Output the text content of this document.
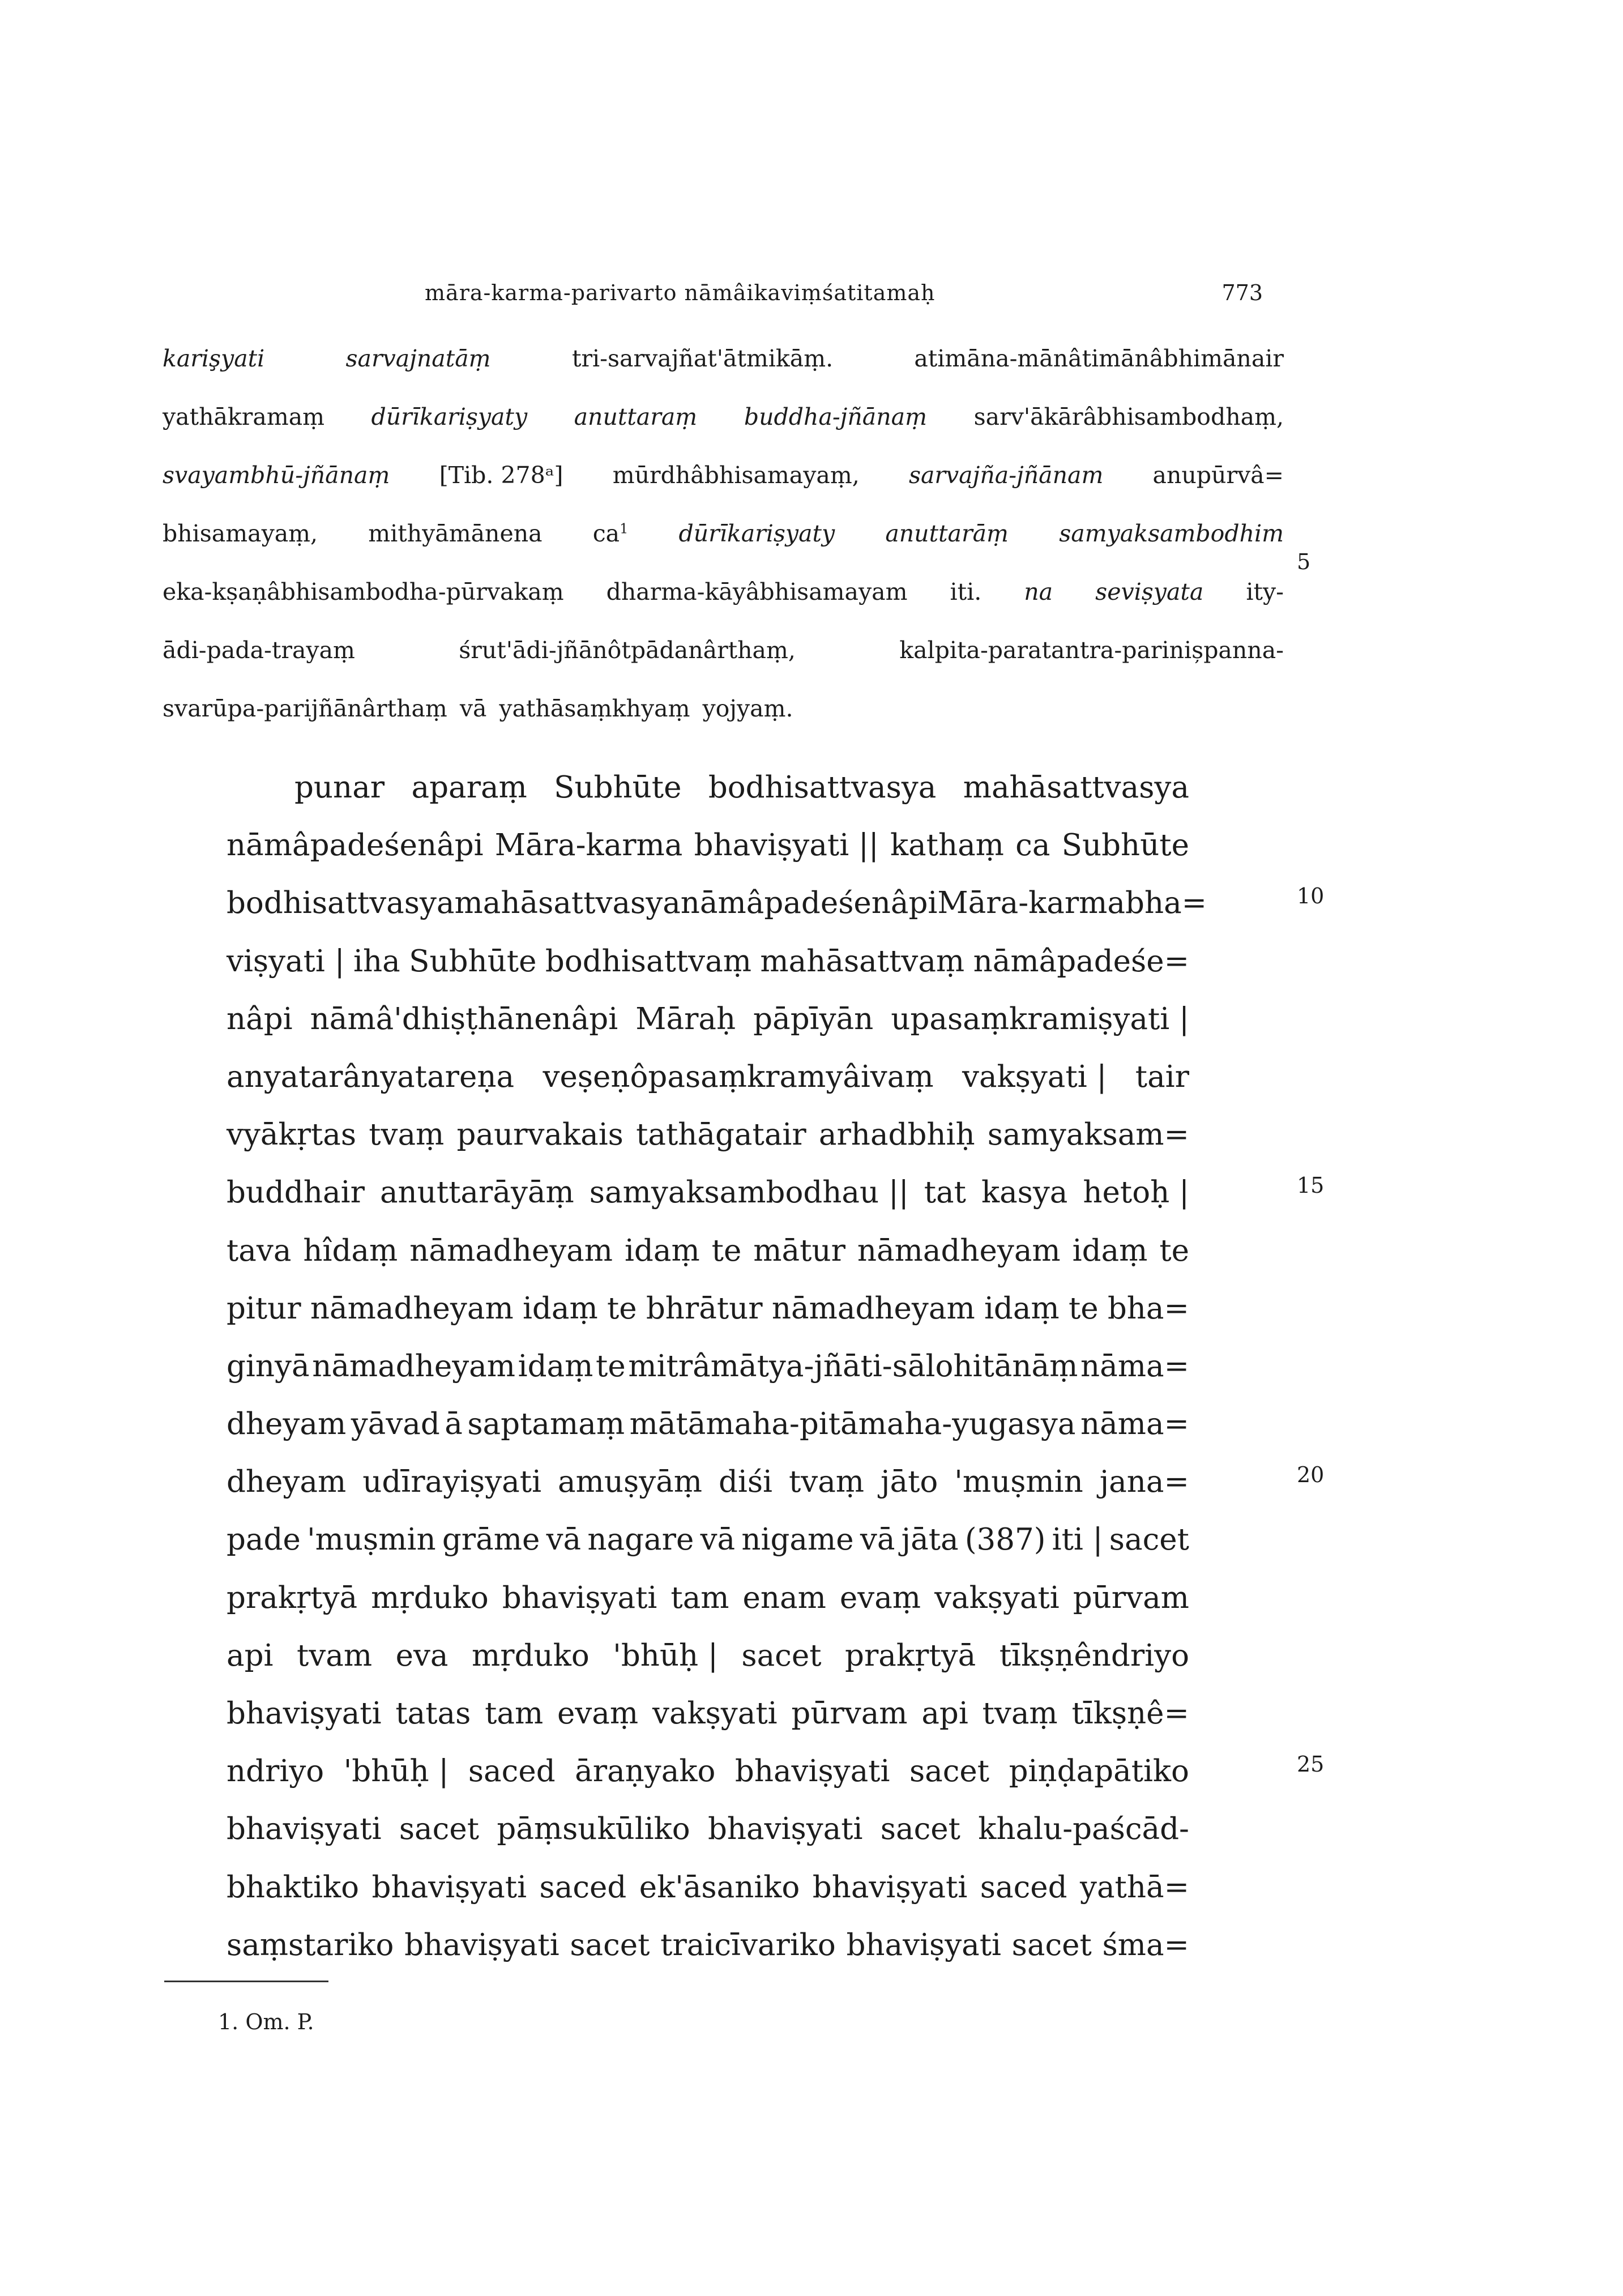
māra-karma-parivarto nāmâikaviṃśatitamaḥ	773
karişyati	sarvajnatāṃ	tri-sarvajñat'ātmikāṃ.	atimāna-mānâtimānâbhimānair
yathākramaṃ dūrīkariṣyaty anuttaraṃ buddha-jñānaṃ sarv'ākārâbhisambodhaṃ,
svayambhū-jñānaṃ [Tib. 278ᵃ] mūrdhâbhisamayaṃ, sarvajña-jñānam anupūrvâ=
bhisamayaṃ, mithyāmānena $ca^1$ dūrīkariṣyaty anuttarāṃ samyaksambodhim
eka-kṣaṇâbhisambodha-pūrvakaṃ dharma-kāyâbhisamayam iti. na seviṣyata ity-
ādi-pada-trayaṃ	śrut'ādi-jñānôtpādanârthaṃ,	kalpita-paratantra-parinișpanna-
svarūpa-parijñānârthaṃ vā yathāsaṃkhyaṃ yojyaṃ.
5
punar aparaṃ Subhūte bodhisattvasya mahāsattvasya
nāmâpadeśenâpi Māra-karma bhaviṣyati || kathaṃ ca Subhūte
bodhisattvasya mahāsattvasya nāmâpadeśenâpi Māra-karma bha=
viṣyati | iha Subhūte bodhisattvaṃ mahāsattvaṃ nāmâpadeśe=
nâpi nāmâ'dhiṣṭhānenâpi Māraḥ pāpīyān upasaṃkramiṣyati |
anyatarânyatareṇa veṣeṇôpasaṃkramyâivaṃ vakṣyati | tair
vyākṛtas tvaṃ paurvakais tathāgatair arhadbhiḥ samyaksam=
buddhair anuttarāyāṃ samyaksambodhau || tat kasya hetoḥ |
tava hîdaṃ nāmadheyam idaṃ te mātur nāmadheyam idaṃ te
pitur nāmadheyam idaṃ te bhrātur nāmadheyam idaṃ te bha=
ginyā nāmadheyam idaṃ te mitrâmātya-jñāti-sālohitānāṃ nāma=
dheyam yāvad ā saptamaṃ mātāmaha-pitāmaha-yugasya nāma=
dheyam udīrayiṣyati amuṣyāṃ diśi tvaṃ jāto 'muṣmin jana=
pade 'muṣmin grāme vā nagare vā nigame vā jāta (387) iti | sacet
prakṛtyā mṛduko bhaviṣyati tam enam evaṃ vakṣyati pūrvam
api tvam eva mṛduko 'bhūḥ | sacet prakṛtyā tīkṣṇêndriyo
bhaviṣyati tatas tam evaṃ vakṣyati pūrvam api tvaṃ tīkṣṇê=
ndriyo 'bhūḥ | saced āraṇyako bhaviṣyati sacet piṇḍapātiko
bhaviṣyati sacet pāṃsukūliko bhaviṣyati sacet khalu-paścād-
bhaktiko bhaviṣyati saced ek'āsaniko bhaviṣyati saced yathā=
saṃstariko bhaviṣyati sacet traicīvariko bhaviṣyati sacet śma=
10
15
20
25
1. Om. P.
